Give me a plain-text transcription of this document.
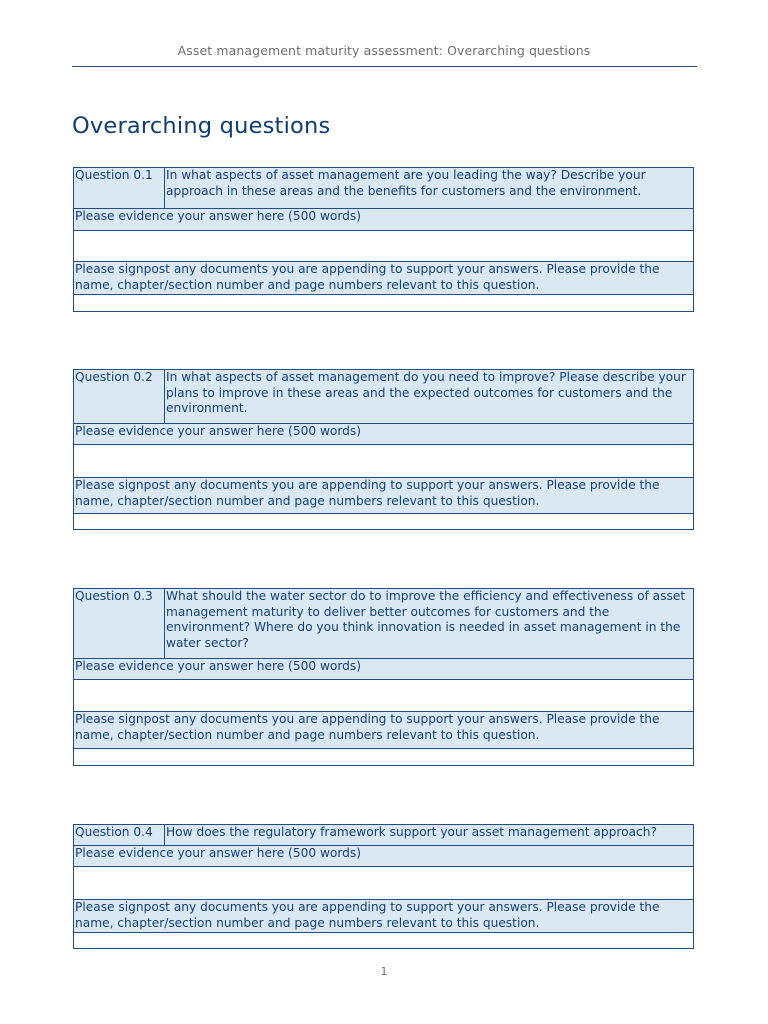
Asset management maturity assessment: Overarching questions
Overarching questions
Question 0.1	In what aspects of asset management are you leading the way? Describe your approach in these areas and the benefits for customers and the environment.
Please evidence your answer here (500 words)

Please signpost any documents you are appending to support your answers. Please provide the name, chapter/section number and page numbers relevant to this question.

Question 0.2	In what aspects of asset management do you need to improve? Please describe your plans to improve in these areas and the expected outcomes for customers and the environment.
Please evidence your answer here (500 words)

Please signpost any documents you are appending to support your answers. Please provide the name, chapter/section number and page numbers relevant to this question.

Question 0.3	What should the water sector do to improve the efficiency and effectiveness of asset management maturity to deliver better outcomes for customers and the environment? Where do you think innovation is needed in asset management in the water sector?
Please evidence your answer here (500 words)

Please signpost any documents you are appending to support your answers. Please provide the name, chapter/section number and page numbers relevant to this question.

Question 0.4	How does the regulatory framework support your asset management approach?
Please evidence your answer here (500 words)

Please signpost any documents you are appending to support your answers. Please provide the name, chapter/section number and page numbers relevant to this question.

1
